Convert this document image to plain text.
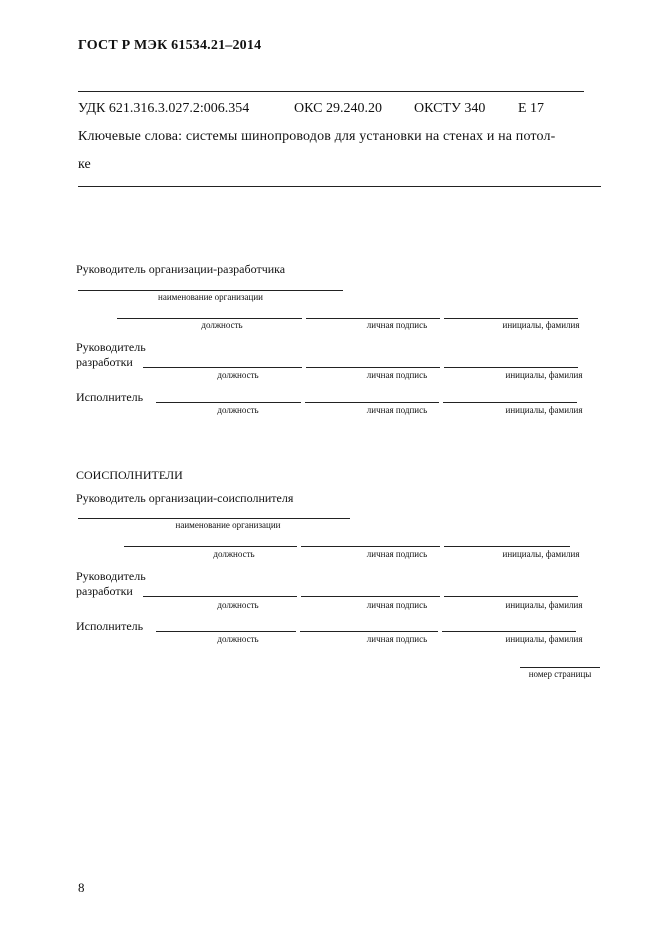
ГОСТ Р МЭК 61534.21–2014
УДК 621.316.3.027.2:006.354	ОКС 29.240.20 ОКСТУ 340 Е 17
Ключевые слова: системы шинопроводов для установки на стенах и на потол-
ке
Руководитель организации-разработчика
наименование организации
должность	личная подпись	инициалы, фамилия
Руководитель
разработки
должность	личная подпись	инициалы, фамилия
Исполнитель
должность	личная подпись	инициалы, фамилия
СОИСПОЛНИТЕЛИ
Руководитель организации-соисполнителя
наименование организации
должность	личная подпись	инициалы, фамилия
Руководитель
разработки
должность	личная подпись	инициалы, фамилия
Исполнитель
должность	личная подпись	инициалы, фамилия
номер страницы
8
